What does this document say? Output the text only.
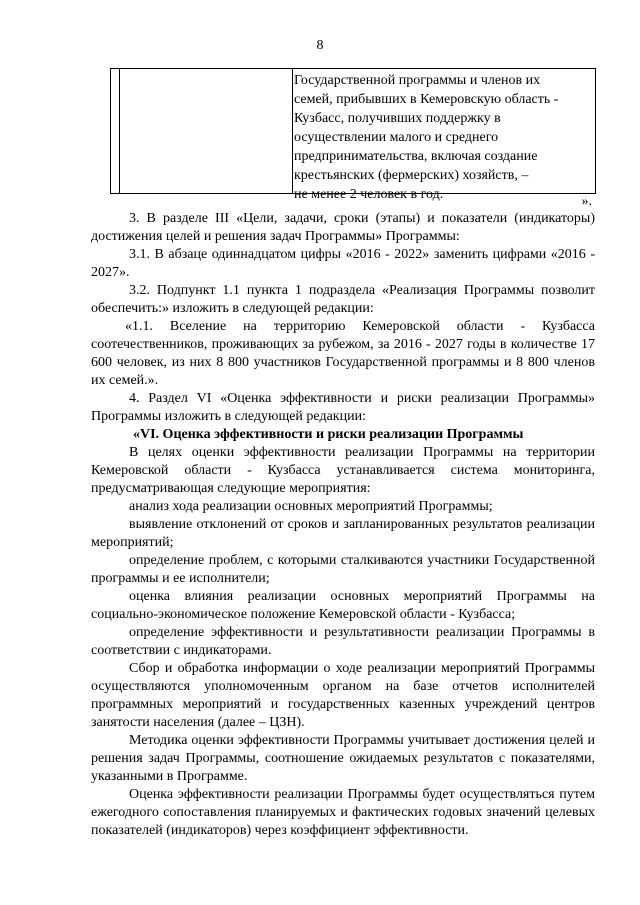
8
Государственной программы и членов их
семей, прибывших в Кемеровскую область -
Кузбасс, получивших поддержку в
осуществлении малого и среднего
предпринимательства, включая создание
крестьянских (фермерских) хозяйств, –
не менее 2 человек в год.	».

3. В разделе III «Цели, задачи, сроки (этапы) и показатели (индикаторы) достижения целей и решения задач Программы» Программы:

3.1. В абзаце одиннадцатом цифры «2016 - 2022» заменить цифрами «2016 - 2027».

3.2. Подпункт 1.1 пункта 1 подраздела «Реализация Программы позволит обеспечить:» изложить в следующей редакции:

«1.1. Вселение на территорию Кемеровской области - Кузбасса соотечественников, проживающих за рубежом, за 2016 - 2027 годы в количестве 17 600 человек, из них 8 800 участников Государственной программы и 8 800 членов их семей.».

4. Раздел VI «Оценка эффективности и риски реализации Программы» Программы изложить в следующей редакции:

«VI. Оценка эффективности и риски реализации Программы

В целях оценки эффективности реализации Программы на территории Кемеровской области - Кузбасса устанавливается система мониторинга, предусматривающая следующие мероприятия:

анализ хода реализации основных мероприятий Программы;

выявление отклонений от сроков и запланированных результатов реализации мероприятий;

определение проблем, с которыми сталкиваются участники Государственной программы и ее исполнители;

оценка влияния реализации основных мероприятий Программы на социально-экономическое положение Кемеровской области - Кузбасса;

определение эффективности и результативности реализации Программы в соответствии с индикаторами.

Сбор и обработка информации о ходе реализации мероприятий Программы осуществляются уполномоченным органом на базе отчетов исполнителей программных мероприятий и государственных казенных учреждений центров занятости населения (далее – ЦЗН).

Методика оценки эффективности Программы учитывает достижения целей и решения задач Программы, соотношение ожидаемых результатов с показателями, указанными в Программе.

Оценка эффективности реализации Программы будет осуществляться путем ежегодного сопоставления планируемых и фактических годовых значений целевых показателей (индикаторов) через коэффициент эффективности.
